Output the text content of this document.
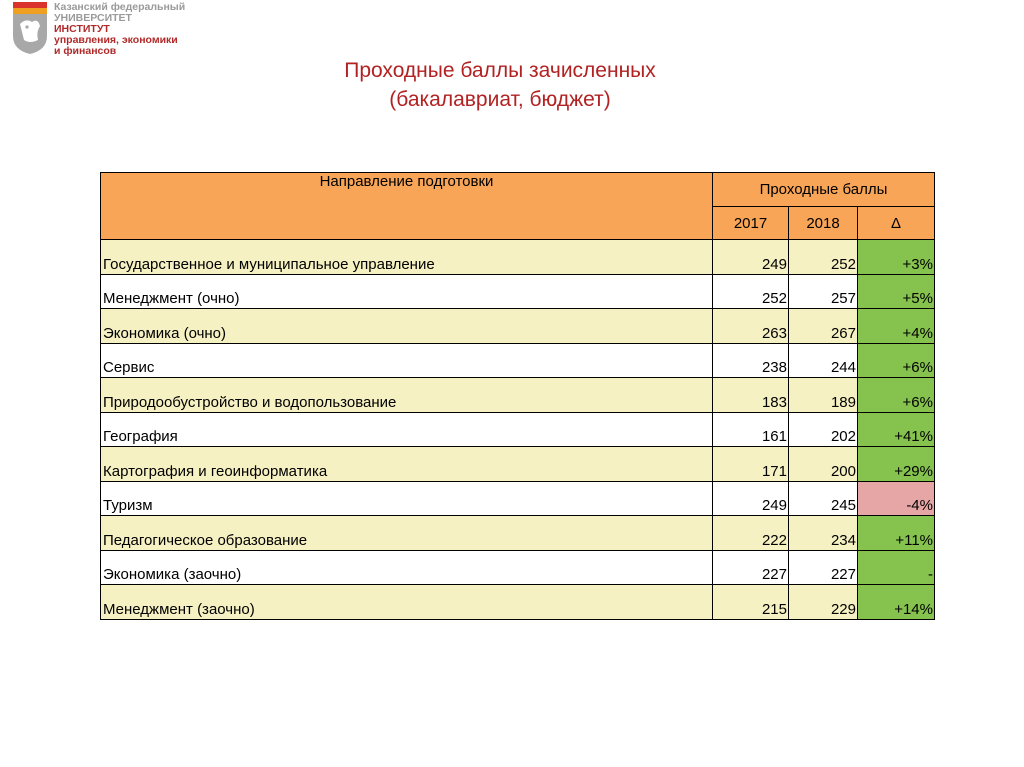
Казанский федеральный
УНИВЕРСИТЕТ
ИНСТИТУТ
управления, экономики
и финансов
Проходные баллы зачисленных
(бакалавриат, бюджет)
Направление подготовки	Проходные баллы		
	2017	2018	Δ
Государственное и муниципальное управление	249	252	+3%
Менеджмент (очно)	252	257	+5%
Экономика (очно)	263	267	+4%
Сервис	238	244	+6%
Природообустройство и водопользование	183	189	+6%
География	161	202	+41%
Картография и геоинформатика	171	200	+29%
Туризм	249	245	-4%
Педагогическое образование	222	234	+11%
Экономика (заочно)	227	227	-
Менеджмент (заочно)	215	229	+14%
